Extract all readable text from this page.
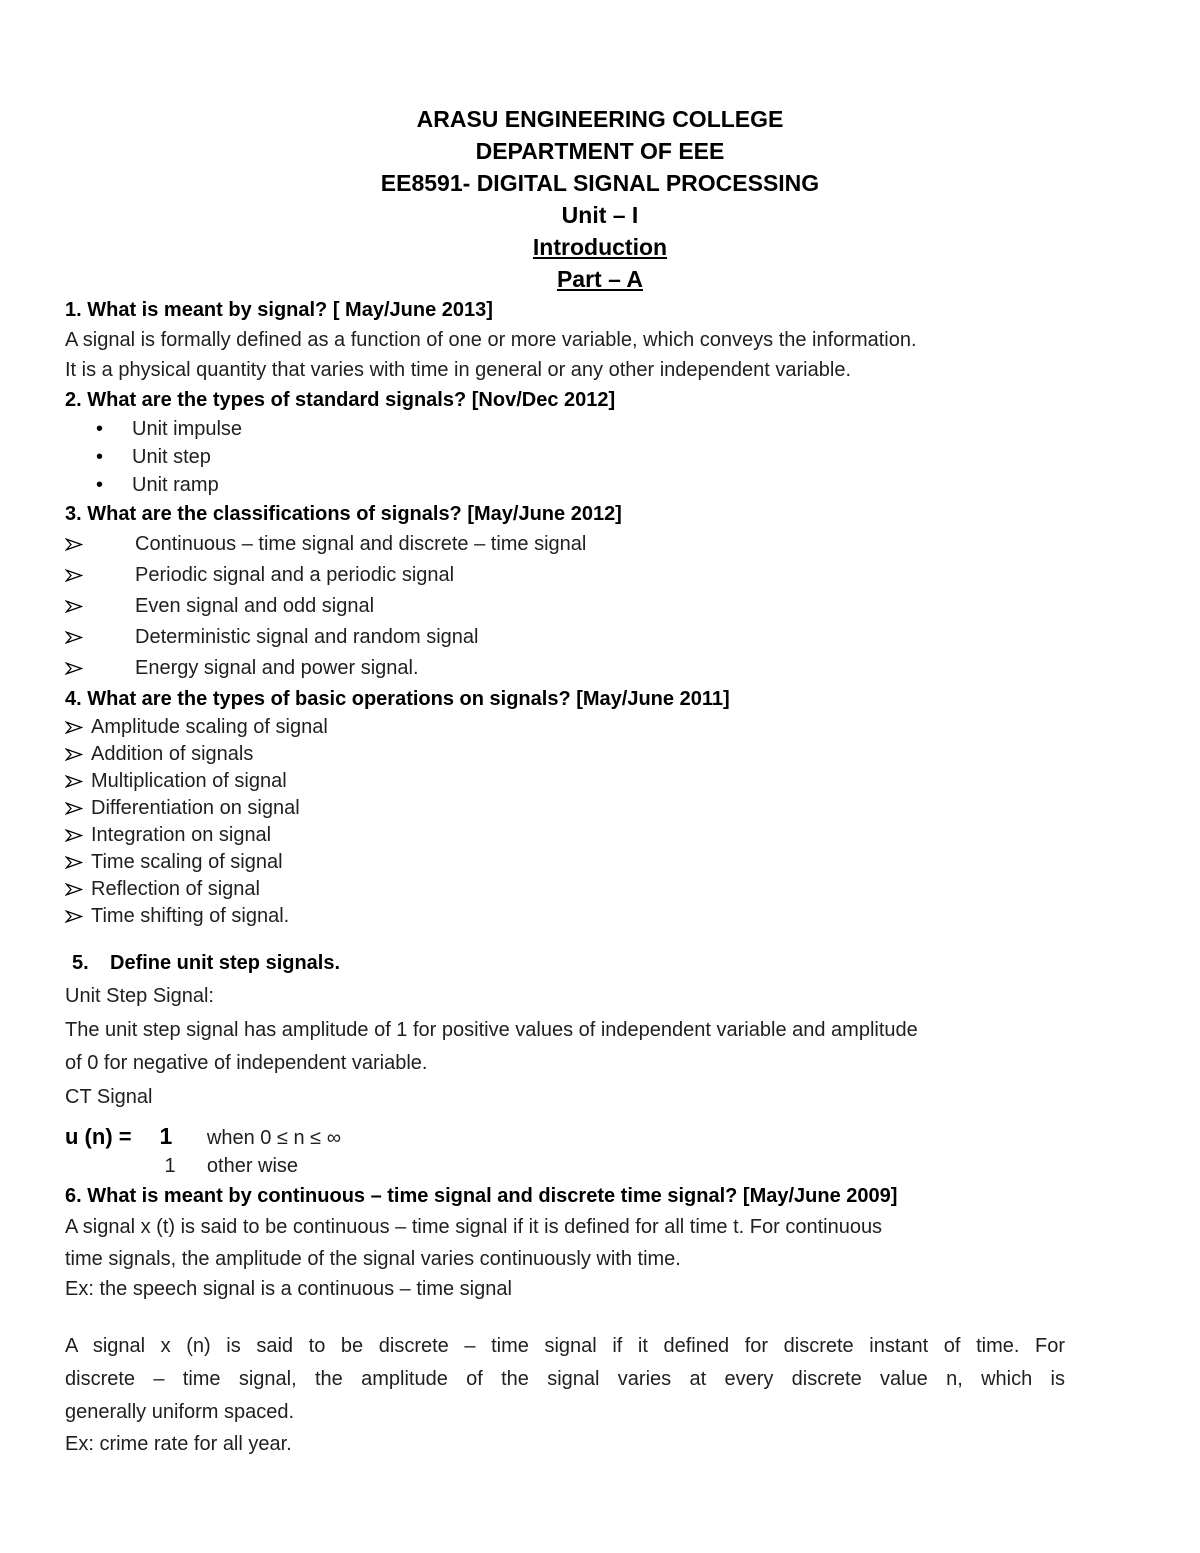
ARASU ENGINEERING COLLEGE
DEPARTMENT OF EEE
EE8591- DIGITAL SIGNAL PROCESSING
Unit – I
Introduction
Part – A
1. What is meant by signal? [ May/June 2013]
A signal is formally defined as a function of one or more variable, which conveys the information.
It is a physical quantity that varies with time in general or any other independent variable.
2. What are the types of standard signals? [Nov/Dec 2012]
• Unit impulse
• Unit step
• Unit ramp
3. What are the classifications of signals? [May/June 2012]
Continuous – time signal and discrete – time signal
Periodic signal and a periodic signal
Even signal and odd signal
Deterministic signal and random signal
Energy signal and power signal.
4. What are the types of basic operations on signals? [May/June 2011]
Amplitude scaling of signal
Addition of signals
Multiplication of signal
Differentiation on signal
Integration on signal
Time scaling of signal
Reflection of signal
Time shifting of signal.
5.	Define unit step signals.
Unit Step Signal:
The unit step signal has amplitude of 1 for positive values of independent variable and amplitude
of 0 for negative of independent variable.
CT Signal
u (n) = 1 when 0 ≤ n ≤ ∞
1 other wise
6. What is meant by continuous – time signal and discrete time signal? [May/June 2009]
A signal x (t) is said to be continuous – time signal if it is defined for all time t. For continuous
time signals, the amplitude of the signal varies continuously with time.
Ex: the speech signal is a continuous – time signal
A signal x (n) is said to be discrete – time signal if it defined for discrete instant of time. For
discrete – time signal, the amplitude of the signal varies at every discrete value n, which is
generally uniform spaced.
Ex: crime rate for all year.
